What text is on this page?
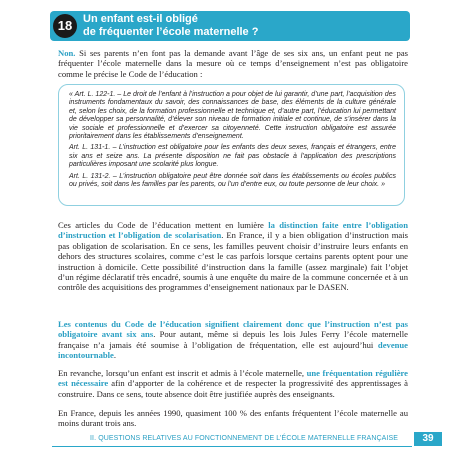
18 Un enfant est-il obligé
de fréquenter l’école maternelle ?

Non. Si ses parents n’en font pas la demande avant l’âge de ses six ans, un enfant peut ne pas fréquenter l’école maternelle dans la mesure où ce temps d’enseignement n’est pas obligatoire comme le précise le Code de l’éducation :

« Art. L. 122-1. – Le droit de l’enfant à l’instruction a pour objet de lui garantir, d’une part, l’acquisition des instruments fondamentaux du savoir, des connaissances de base, des éléments de la culture générale et, selon les choix, de la formation professionnelle et technique et, d’autre part, l’éducation lui permettant de développer sa personnalité, d’élever son niveau de formation initiale et continue, de s’insérer dans la vie sociale et professionnelle et d’exercer sa citoyenneté. Cette instruction obligatoire est assurée prioritairement dans les établissements d’enseignement.

Art. L. 131-1. – L’instruction est obligatoire pour les enfants des deux sexes, français et étrangers, entre six ans et seize ans. La présente disposition ne fait pas obstacle à l’application des prescriptions particulières imposant une scolarité plus longue.

Art. L. 131-2. – L’instruction obligatoire peut être donnée soit dans les établissements ou écoles publics ou privés, soit dans les familles par les parents, ou l’un d’entre eux, ou toute personne de leur choix. »

Ces articles du Code de l’éducation mettent en lumière la distinction faite entre l’obligation d’instruction et l’obligation de scolarisation. En France, il y a bien obligation d’instruction mais pas obligation de scolarisation. En ce sens, les familles peuvent choisir d’instruire leurs enfants en dehors des structures scolaires, comme c’est le cas parfois lorsque certains parents optent pour une instruction à domicile. Cette possibilité d’instruction dans la famille (assez marginale) fait l’objet d’un régime déclaratif très encadré, soumis à une enquête du maire de la commune concernée et à un contrôle des acquisitions des programmes d’enseignement nationaux par le DASEN.

Les contenus du Code de l’éducation signifient clairement donc que l’instruction n’est pas obligatoire avant six ans. Pour autant, même si depuis les lois Jules Ferry l’école maternelle française n’a jamais été soumise à l’obligation de fréquentation, elle est aujourd’hui devenue incontournable.

En revanche, lorsqu’un enfant est inscrit et admis à l’école maternelle, une fréquentation régulière est nécessaire afin d’apporter de la cohérence et de respecter la progressivité des apprentissages à construire. Dans ce sens, toute absence doit être justifiée auprès des enseignants.

En France, depuis les années 1990, quasiment 100 % des enfants fréquentent l’école maternelle au moins durant trois ans.

II. QUESTIONS RELATIVES AU FONCTIONNEMENT DE L’ÉCOLE MATERNELLE FRANÇAISE	39
